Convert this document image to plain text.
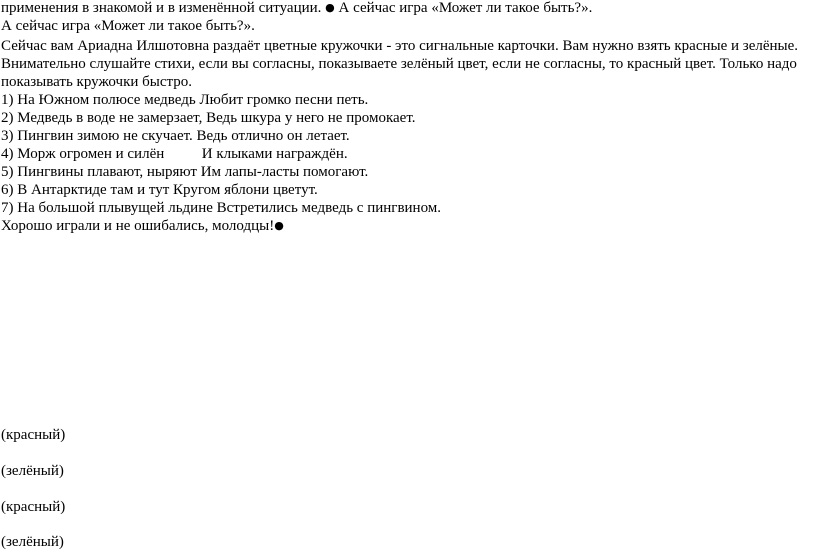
применения в знакомой и в изменённой ситуации. ● А сейчас игра «Может ли такое быть?».
А сейчас игра «Может ли такое быть?».
Сейчас вам Ариадна Илшотовна раздаёт цветные кружочки - это сигнальные карточки. Вам нужно взять красные и зелёные.
Внимательно слушайте стихи, если вы согласны, показываете зелёный цвет, если не согласны, то красный цвет. Только надо
показывать кружочки быстро.
1) На Южном полюсе медведь Любит громко песни петь.
2) Медведь в воде не замерзает, Ведь шкура у него не промокает.
3) Пингвин зимою не скучает. Ведь отлично он летает.
4) Морж огромен и силён          И клыками награждён.
5) Пингвины плавают, ныряют Им лапы-ласты помогают.
6) В Антарктиде там и тут Кругом яблони цветут.
7) На большой плывущей льдине Встретились медведь с пингвином.
Хорошо играли и не ошибались, молодцы!●
(красный)
(зелёный)
(красный)
(зелёный)
